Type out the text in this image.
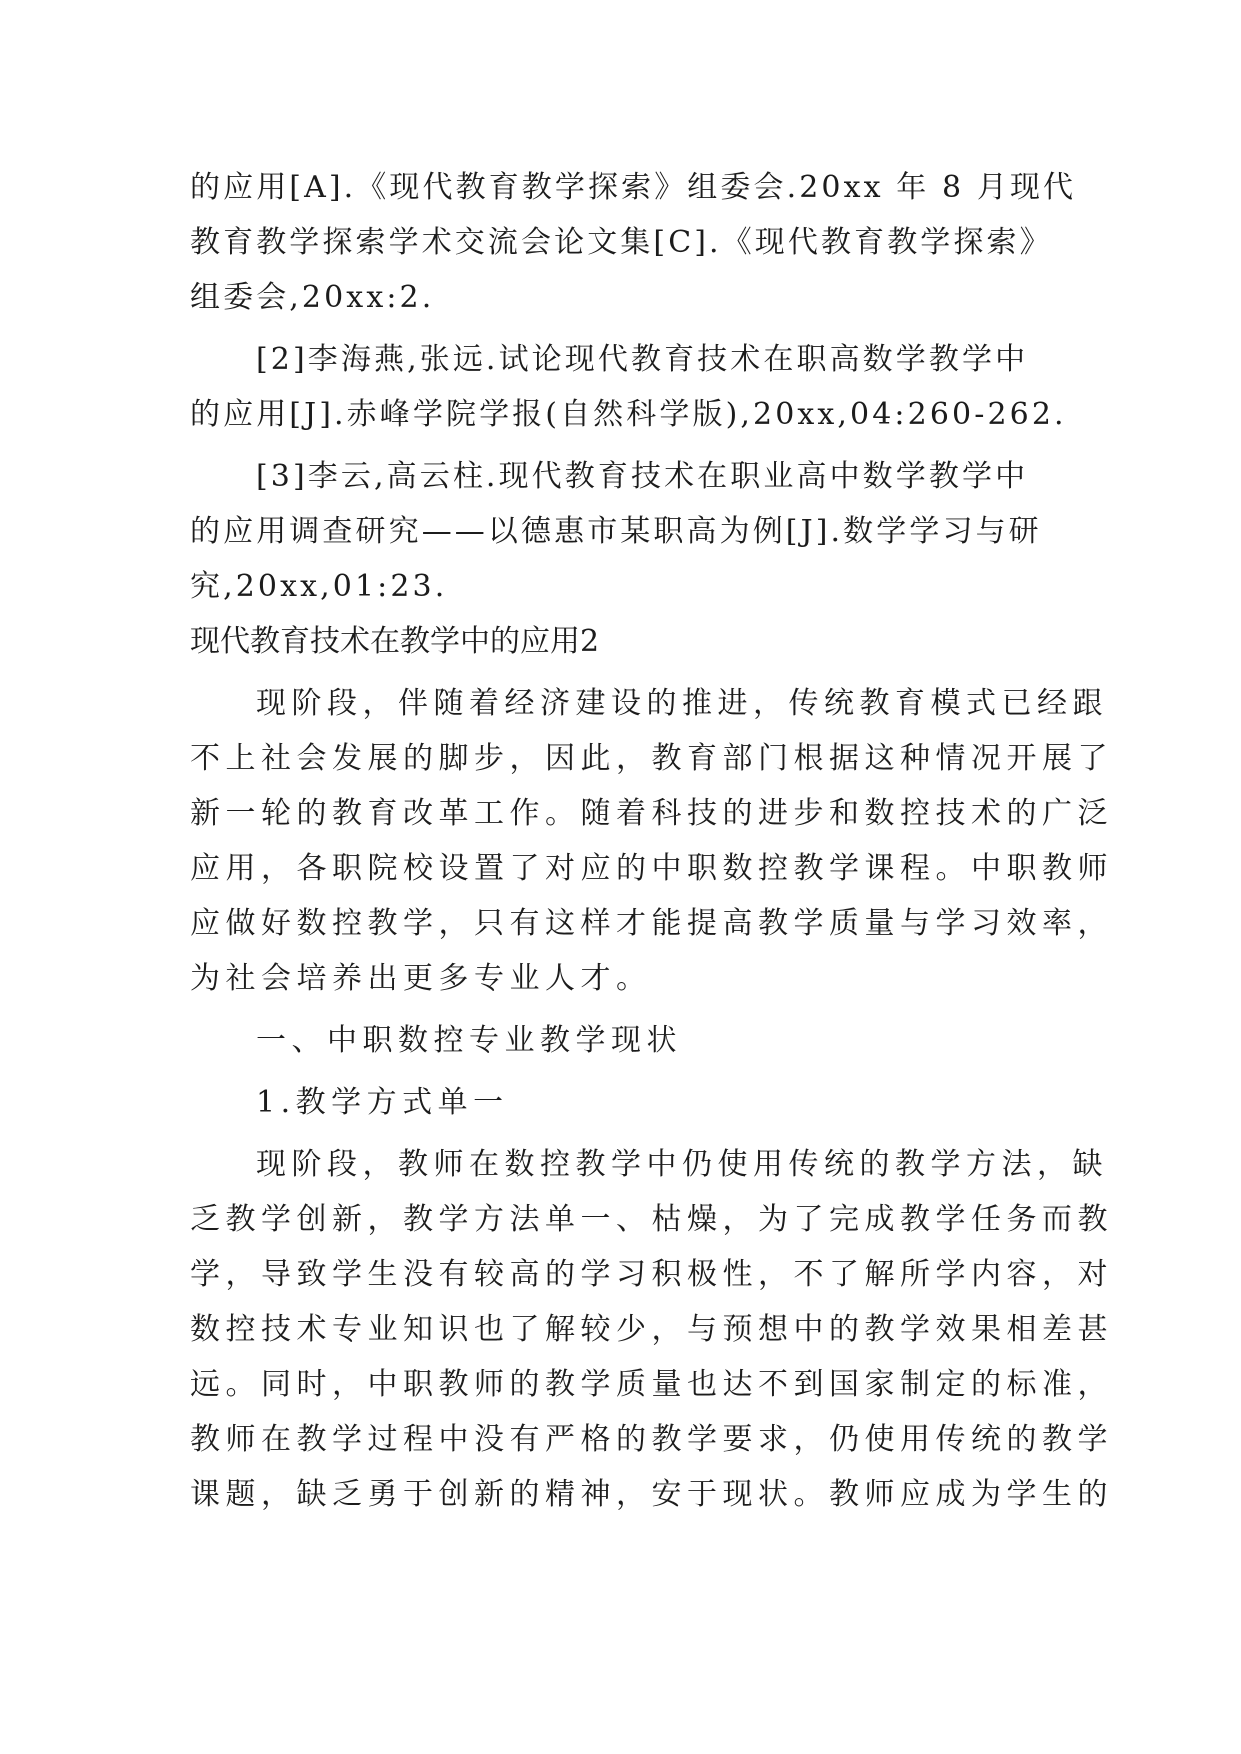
的应用[A].《现代教育教学探索》组委会.20xx 年 8 月现代
教育教学探索学术交流会论文集[C].《现代教育教学探索》
组委会,20xx:2.
[2]李海燕,张远.试论现代教育技术在职高数学教学中
的应用[J].赤峰学院学报(自然科学版),20xx,04:260-262.
[3]李云,高云柱.现代教育技术在职业高中数学教学中
的应用调查研究——以德惠市某职高为例[J].数学学习与研
究,20xx,01:23.
现代教育技术在教学中的应用2
现阶段，伴随着经济建设的推进，传统教育模式已经跟
不上社会发展的脚步，因此，教育部门根据这种情况开展了
新一轮的教育改革工作。随着科技的进步和数控技术的广泛
应用，各职院校设置了对应的中职数控教学课程。中职教师
应做好数控教学，只有这样才能提高教学质量与学习效率，
为社会培养出更多专业人才。
一、中职数控专业教学现状
1.教学方式单一
现阶段，教师在数控教学中仍使用传统的教学方法，缺
乏教学创新，教学方法单一、枯燥，为了完成教学任务而教
学，导致学生没有较高的学习积极性，不了解所学内容，对
数控技术专业知识也了解较少，与预想中的教学效果相差甚
远。同时，中职教师的教学质量也达不到国家制定的标准，
教师在教学过程中没有严格的教学要求，仍使用传统的教学
课题，缺乏勇于创新的精神，安于现状。教师应成为学生的
